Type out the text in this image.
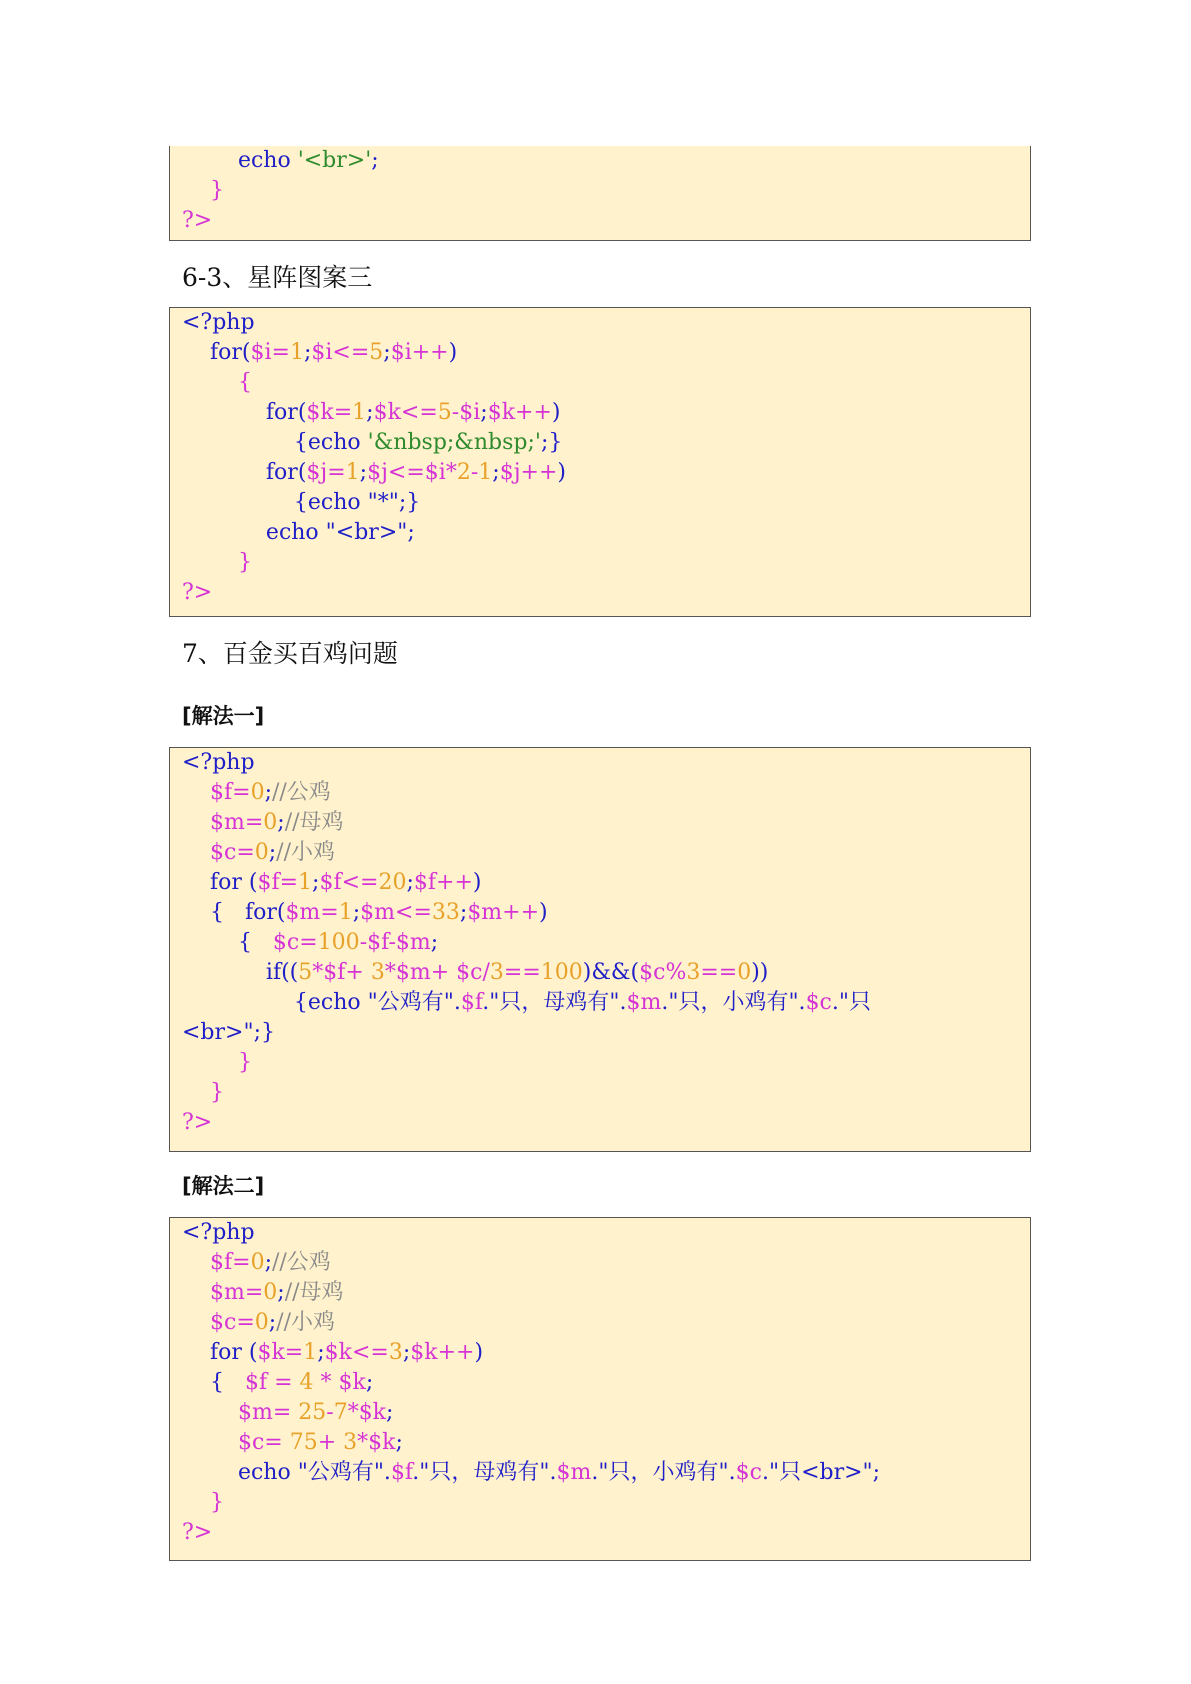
echo '<br>';
}
?>
6-3、星阵图案三
<?php
for($i=1;$i<=5;$i++)
{
for($k=1;$k<=5-$i;$k++)
{echo '&nbsp;&nbsp;';}
for($j=1;$j<=$i*2-1;$j++)
{echo "*";}
echo "<br>";
}
?>
7、百金买百鸡问题
[解法一]
<?php
$f=0;//公鸡
$m=0;//母鸡
$c=0;//小鸡
for ($f=1;$f<=20;$f++)
{   for($m=1;$m<=33;$m++)
{   $c=100-$f-$m;
if((5*$f+ 3*$m+ $c/3==100)&&($c%3==0))
{echo "公鸡有".$f."只，母鸡有".$m."只，小鸡有".$c."只
<br>";}
}
}
?>
[解法二]
<?php
$f=0;//公鸡
$m=0;//母鸡
$c=0;//小鸡
for ($k=1;$k<=3;$k++)
{   $f = 4 * $k;
$m= 25-7*$k;
$c= 75+ 3*$k;
echo "公鸡有".$f."只，母鸡有".$m."只，小鸡有".$c."只<br>";
}
?>
